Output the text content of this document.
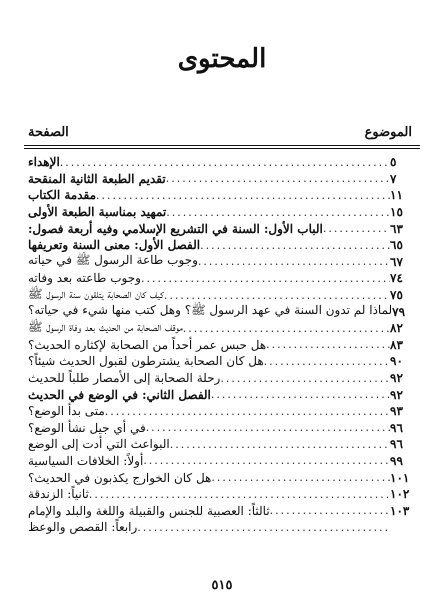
المحتوى
الصفحة	الموضوع
الإهداء .....	٥
تقديم الطبعة الثانية المنقحة .....	٧
مقدمة الكتاب .....	١١
تمهيد بمناسبة الطبعة الأولى .....	١٥
الباب الأول: السنة في التشريع الإسلامي وفيه أربعة فصول: .....	٦٣
الفصل الأول: معنى السنة وتعريفها .....	٦٥
وجوب طاعة الرسول ﷺ في حياته .....	٦٧
وجوب طاعته بعد وفاته .....	٧٤
كيف كان الصحابة يتلقون سنة الرسول ﷺ .....	٧٥
لماذا لم تدون السنة في عهد الرسول ﷺ؟ وهل كتب منها شيء في حياته؟ ٧٩
موقف الصحابة من الحديث بعد وفاة الرسول ﷺ .....	٨٢
هل حبس عمر أحداً من الصحابة لإكثاره الحديث؟ .....	٨٣
هل كان الصحابة يشترطون لقبول الحديث شيئاً؟ .....	٩٠
رحلة الصحابة إلى الأمصار طلباً للحديث .....	٩٢
الفصل الثاني: في الوضع في الحديث .....	٩٢
متى بدأ الوضع؟ .....	٩٣
في أي جيل نشأ الوضع؟ .....	٩٦
البواعث التي أدت إلى الوضع .....	٩٦
أولاً: الخلافات السياسية .....	٩٩
هل كان الخوارج يكذبون في الحديث؟ .....	١٠١
ثانياً: الزندقة .....	١٠٢
ثالثاً: العصبية للجنس والقبيلة واللغة والبلد والإمام .....	١٠٣
رابعاً: القصص والوعظ
.....
٥١٥
